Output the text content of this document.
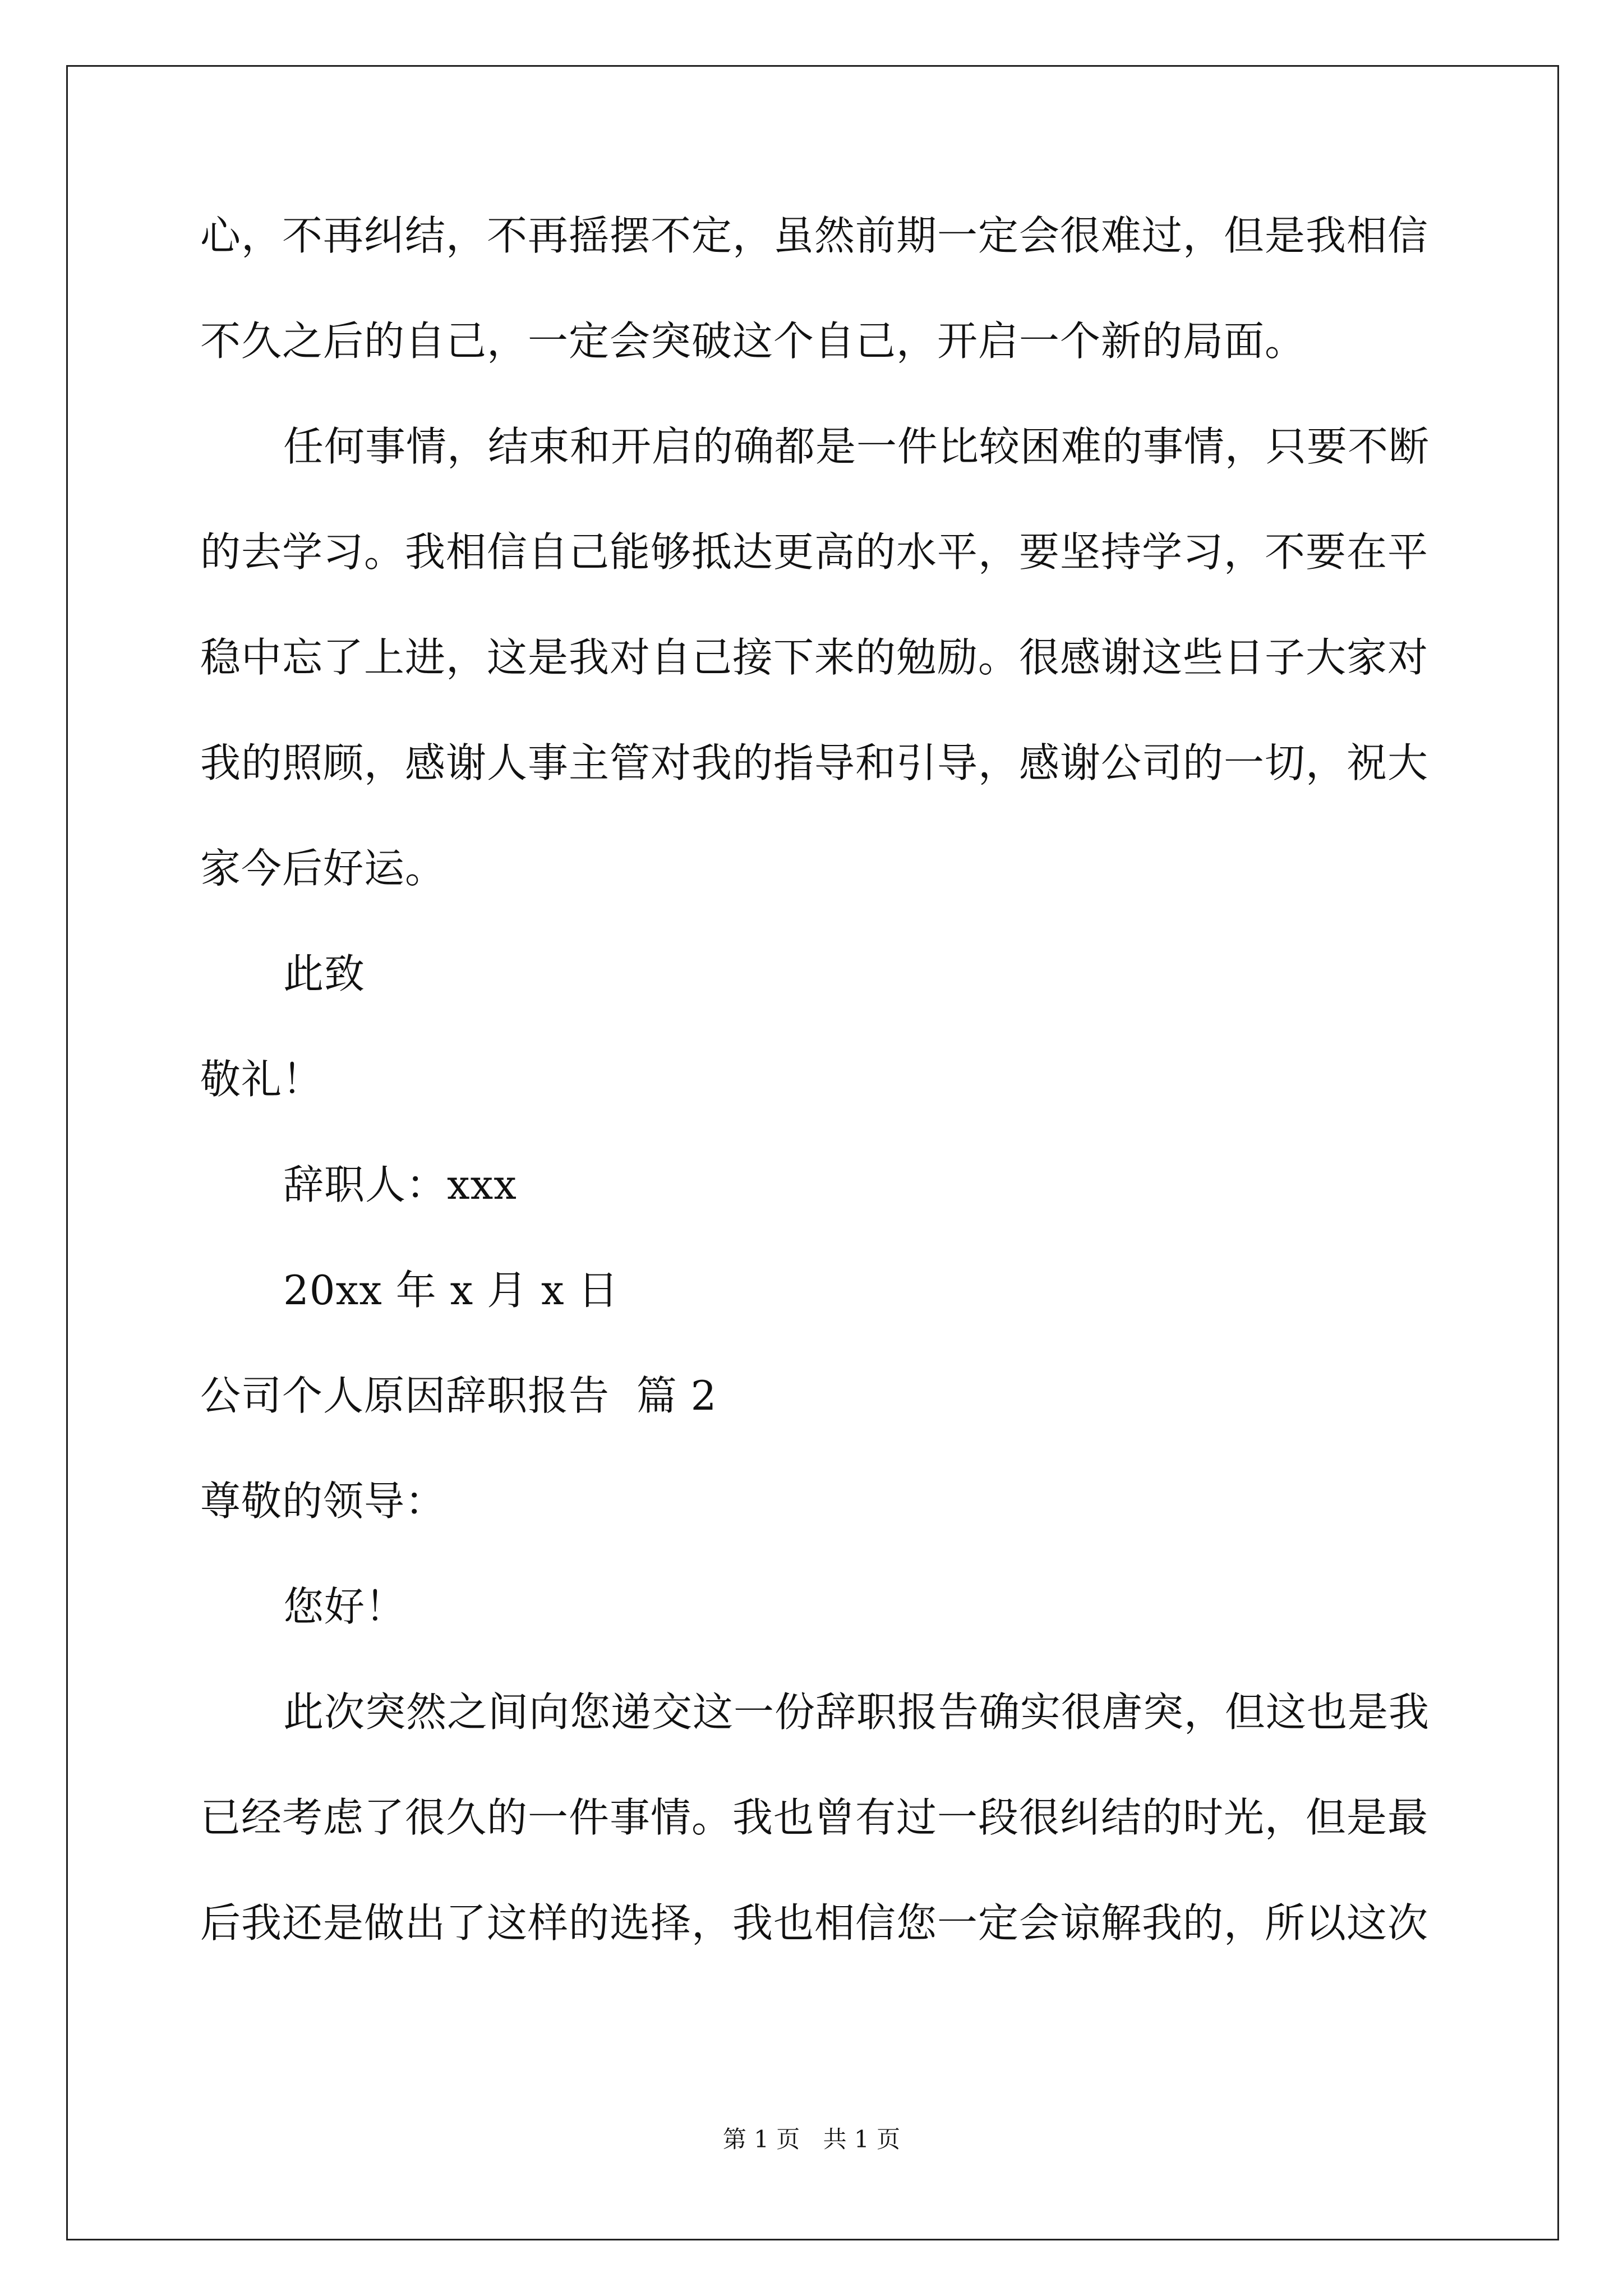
心，不再纠结，不再摇摆不定，虽然前期一定会很难过，但是我相信
不久之后的自己，一定会突破这个自己，开启一个新的局面。
任何事情，结束和开启的确都是一件比较困难的事情，只要不断
的去学习。我相信自己能够抵达更高的水平，要坚持学习，不要在平
稳中忘了上进，这是我对自己接下来的勉励。很感谢这些日子大家对
我的照顾，感谢人事主管对我的指导和引导，感谢公司的一切，祝大
家今后好运。
此致
敬礼！
辞职人：xxx
20xx 年 x 月 x 日
公司个人原因辞职报告  篇 2
尊敬的领导：
您好！
此次突然之间向您递交这一份辞职报告确实很唐突，但这也是我
已经考虑了很久的一件事情。我也曾有过一段很纠结的时光，但是最
后我还是做出了这样的选择，我也相信您一定会谅解我的，所以这次
第 1 页 共 1 页
